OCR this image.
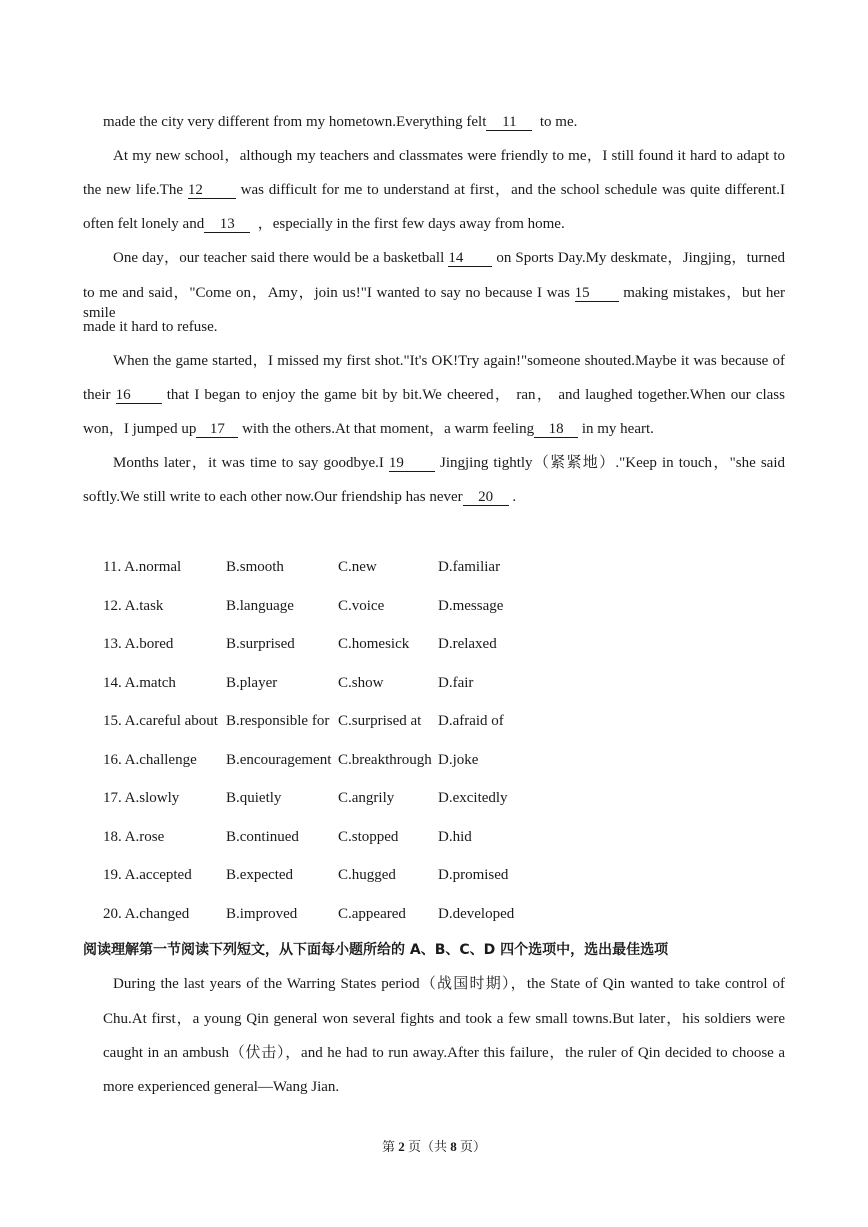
made the city very different from my hometown.Everything felt 11 to me.
At my new school，although my teachers and classmates were friendly to me，I still found it hard to adapt to
the new life.The 12	was difficult for me to understand at first，and the school schedule was quite different.I
often felt lonely and 13 ，especially in the first few days away from home.
One day，our teacher said there would be a basketball 14 on Sports Day.My deskmate，Jingjing，turned
to me and said，"Come on，Amy，join us!"I wanted to say no because I was 15 making mistakes，but her smile
made it hard to refuse.
When the game started，I missed my first shot."It's OK!Try again!"someone shouted.Maybe it was because of
their 16 that I began to enjoy the game bit by bit.We cheered， ran， and laughed together.When our class
won，I jumped up 17 with the others.At that moment，a warm feeling 18 in my heart.
Months later，it was time to say goodbye.I 19 Jingjing tightly（紧紧地）."Keep in touch，"she said
softly.We still write to each other now.Our friendship has never 20 .
11. A.normal	B.smooth	C.new	D.familiar
12. A.task	B.language	C.voice	D.message
13. A.bored	B.surprised	C.homesick D.relaxed
14. A.match	B.player	C.show	D.fair
15. A.careful about B.responsible for C.surprised at D.afraid of
16. A.challenge B.encouragement C.breakthrough D.joke
17. A.slowly	B.quietly	C.angrily	D.excitedly
18. A.rose	B.continued	C.stopped	D.hid
19. A.accepted B.expected	C.hugged	D.promised
20. A.changed B.improved	C.appeared D.developed
阅读理解第一节阅读下列短文，从下面每小题所给的 A、B、C、D 四个选项中，选出最佳选项
During the last years of the Warring States period（战国时期），the State of Qin wanted to take control of
Chu.At first，a young Qin general won several fights and took a few small towns.But later，his soldiers were
caught in an ambush（伏击），and he had to run away.After this failure，the ruler of Qin decided to choose a
more experienced general—Wang Jian.
第 2 页（共 8 页）
